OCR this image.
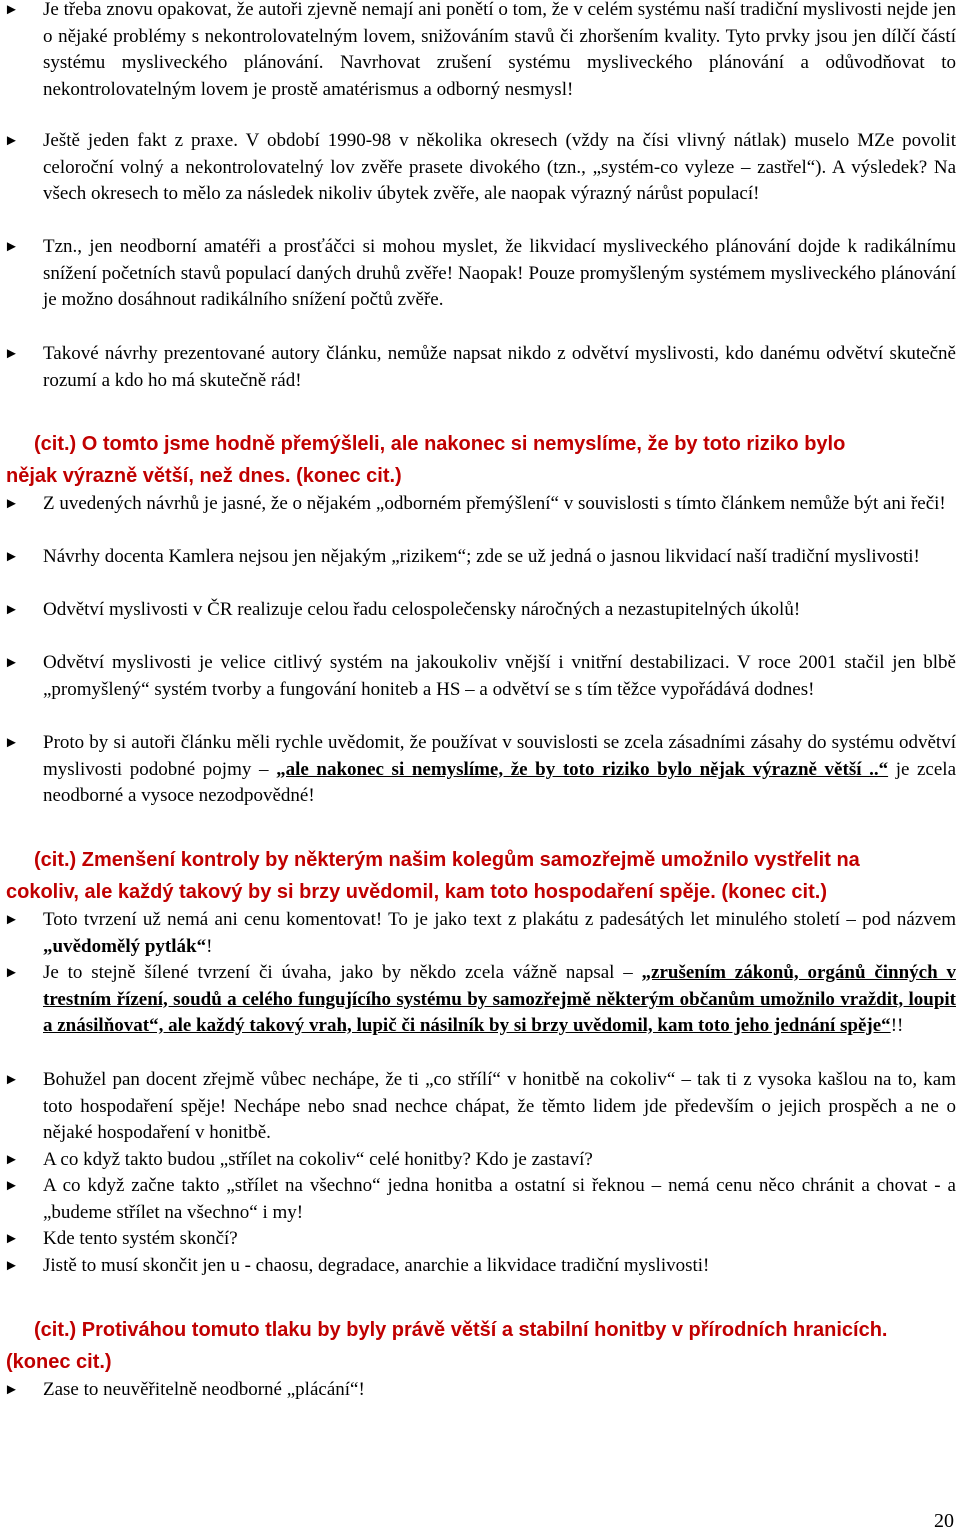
► Je třeba znovu opakovat, že autoři zjevně nemají ani ponětí o tom, že v celém systému naší tradiční myslivosti nejde jen o nějaké problémy s nekontrolovatelným lovem, snižováním stavů či zhoršením kvality. Tyto prvky jsou jen dílčí částí systému mysliveckého plánování. Navrhovat zrušení systému mysliveckého plánování a odůvodňovat to nekontrolovatelným lovem je prostě amatérismus a odborný nesmysl!
► Ještě jeden fakt z praxe. V období 1990-98 v několika okresech (vždy na čísi vlivný nátlak) muselo MZe povolit celoroční volný a nekontrolovatelný lov zvěře prasete divokého (tzn., „systém-co vyleze – zastřel“). A výsledek? Na všech okresech to mělo za následek nikoliv úbytek zvěře, ale naopak výrazný nárůst populací!
► Tzn., jen neodborní amatéři a prosťáčci si mohou myslet, že likvidací mysliveckého plánování dojde k radikálnímu snížení početních stavů populací daných druhů zvěře! Naopak! Pouze promyšleným systémem mysliveckého plánování je možno dosáhnout radikálního snížení počtů zvěře.
► Takové návrhy prezentované autory článku, nemůže napsat nikdo z odvětví myslivosti, kdo danému odvětví skutečně rozumí a kdo ho má skutečně rád!
(cit.) O tomto jsme hodně přemýšleli, ale nakonec si nemyslíme, že by toto riziko bylo
nějak výrazně větší, než dnes. (konec cit.)
► Z uvedených návrhů je jasné, že o nějakém „odborném přemýšlení“ v souvislosti s tímto článkem nemůže být ani řeči!
► Návrhy docenta Kamlera nejsou jen nějakým „rizikem“; zde se už jedná o jasnou likvidací naší tradiční myslivosti!
► Odvětví myslivosti v ČR realizuje celou řadu celospolečensky náročných a nezastupitelných úkolů!
► Odvětví myslivosti je velice citlivý systém na jakoukoliv vnější i vnitřní destabilizaci. V roce 2001 stačil jen blbě „promyšlený“ systém tvorby a fungování honiteb a HS – a odvětví se s tím těžce vypořádává dodnes!
► Proto by si autoři článku měli rychle uvědomit, že používat v souvislosti se zcela zásadními zásahy do systému odvětví myslivosti podobné pojmy – „ale nakonec si nemyslíme, že by toto riziko bylo nějak výrazně větší ..“ je zcela neodborné a vysoce nezodpovědné!
(cit.) Zmenšení kontroly by některým našim kolegům samozřejmě umožnilo vystřelit na
cokoliv, ale každý takový by si brzy uvědomil, kam toto hospodaření spěje. (konec cit.)
► Toto tvrzení už nemá ani cenu komentovat! To je jako text z plakátu z padesátých let minulého století – pod názvem „uvědomělý pytlák“!
► Je to stejně šílené tvrzení či úvaha, jako by někdo zcela vážně napsal – „zrušením zákonů, orgánů činných v trestním řízení, soudů a celého fungujícího systému by samozřejmě některým občanům umožnilo vraždit, loupit a znásilňovat“, ale každý takový vrah, lupič či násilník by si brzy uvědomil, kam toto jeho jednání spěje“!!
► Bohužel pan docent zřejmě vůbec nechápe, že ti „co střílí“ v honitbě na cokoliv“ – tak ti z vysoka kašlou na to, kam toto hospodaření spěje! Nechápe nebo snad nechce chápat, že těmto lidem jde především o jejich prospěch a ne o nějaké hospodaření v honitbě.
► A co když takto budou „střílet na cokoliv“ celé honitby? Kdo je zastaví?
► A co když začne takto „střílet na všechno“ jedna honitba a ostatní si řeknou – nemá cenu něco chránit a chovat - a „budeme střílet na všechno“ i my!
► Kde tento systém skončí?
► Jistě to musí skončit jen u - chaosu, degradace, anarchie a likvidace tradiční myslivosti!
(cit.) Protiváhou tomuto tlaku by byly právě větší a stabilní honitby v přírodních hranicích.
(konec cit.)
► Zase to neuvěřitelně neodborné „plácání“!
20
